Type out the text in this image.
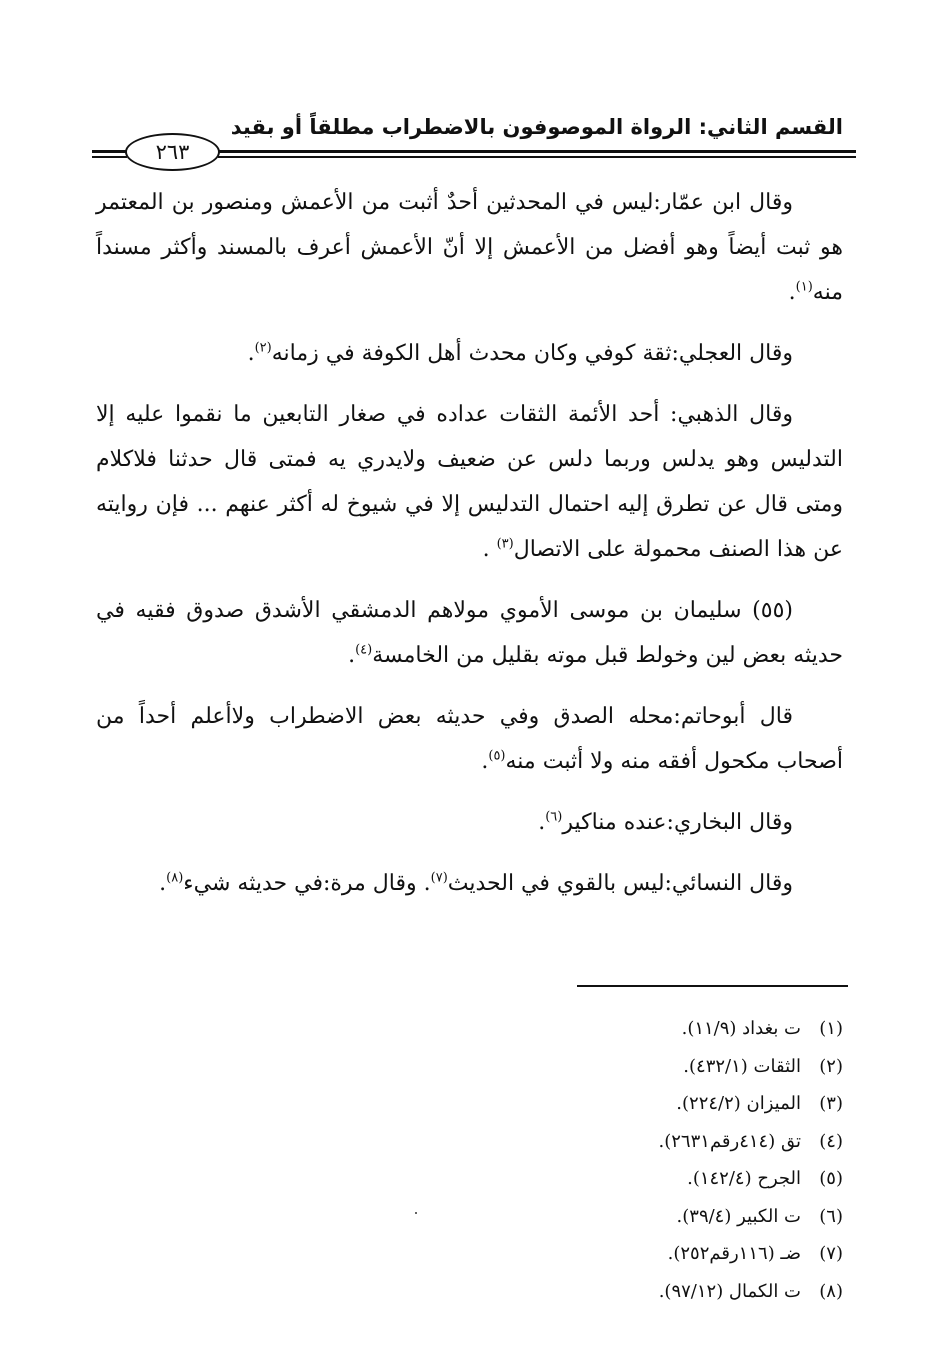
القسم الثاني: الرواة الموصوفون بالاضطراب مطلقاً أو بقيد
٢٦٣

وقال ابن عمّار:ليس في المحدثين أحدٌ أثبت من الأعمش ومنصور بن المعتمر هو ثبت أيضاً وهو أفضل من الأعمش إلا أنّ الأعمش أعرف بالمسند وأكثر مسنداً منه$^{(١)}$.

وقال العجلي:ثقة كوفي وكان محدث أهل الكوفة في زمانه$^{(٢)}$.

وقال الذهبي: أحد الأئمة الثقات عداده في صغار التابعين ما نقموا عليه إلا التدليس وهو يدلس وربما دلس عن ضعيف ولايدري يه فمتى قال حدثنا فلاكلام ومتى قال عن تطرق إليه احتمال التدليس إلا في شيوخ له أكثر عنهم ... فإن روايته عن هذا الصنف محمولة على الاتصال$^{(٣)}$ .

(٥٥) سليمان بن موسى الأموي مولاهم الدمشقي الأشدق صدوق فقيه في حديثه بعض لين وخولط قبل موته بقليل من الخامسة$^{(٤)}$.

قال أبوحاتم:محله الصدق وفي حديثه بعض الاضطراب ولاأعلم أحداً من أصحاب مكحول أفقه منه ولا أثبت منه$^{(٥)}$.

وقال البخاري:عنده مناكير$^{(٦)}$.

وقال النسائي:ليس بالقوي في الحديث$^{(٧)}$. وقال مرة:في حديثه شيء$^{(٨)}$.

(١)ت بغداد (١١/٩).
(٢)الثقات (٤٣٢/١).
(٣)الميزان (٢٢٤/٢).
(٤)تق (٤١٤رقم٢٦٣١).
(٥)الجرح (١٤٢/٤).
(٦)ت الكبير (٣٩/٤).
(٧)ضـ (١١٦رقم٢٥٢).
(٨)ت الكمال (٩٧/١٢).
